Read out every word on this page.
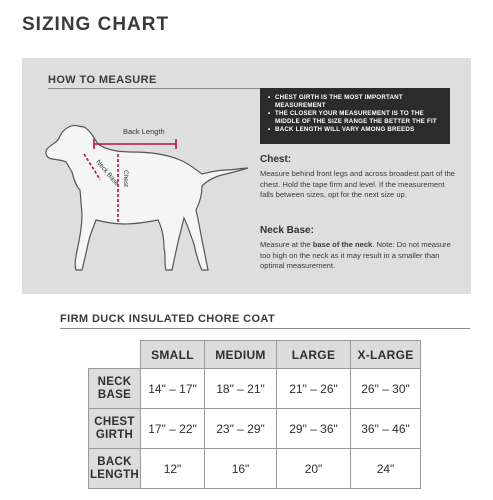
SIZING CHART
HOW TO MEASURE
Back Length
Neck Base Chest
• CHEST GIRTH IS THE MOST IMPORTANT MEASUREMENT
• THE CLOSER YOUR MEASUREMENT IS TO THE MIDDLE OF THE SIZE RANGE THE BETTER THE FIT
• BACK LENGTH WILL VARY AMONG BREEDS
Chest:

Measure behind front legs and across broadest part of the chest. Hold the tape firm and level. If the measurement falls between sizes, opt for the next size up.

Neck Base:

Measure at the base of the neck. Note: Do not measure too high on the neck as it may result in a smaller than optimal measurement.

FIRM DUCK INSULATED CHORE COAT
	SMALL	MEDIUM	LARGE	X-LARGE
NECK
BASE	14" – 17"	18" – 21"	21" – 26"	26" – 30"
CHEST
GIRTH	17" – 22"	23" – 29"	29" – 36"	36" – 46"
BACK
LENGTH	12"	16"	20"	24"
